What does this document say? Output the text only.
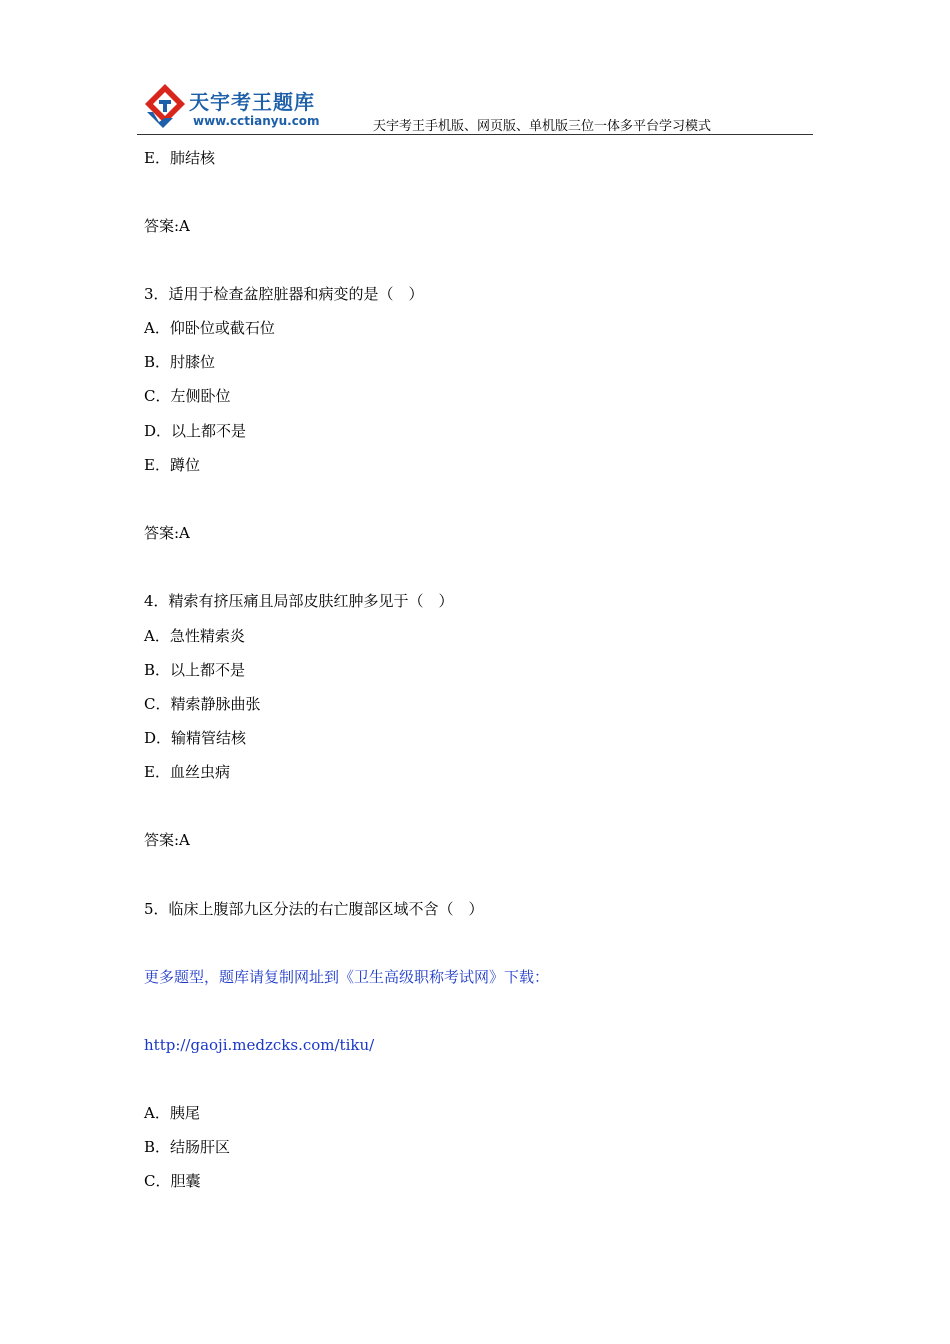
天宇考王题库
www.cctianyu.com	天宇考王手机版、网页版、单机版三位一体多平台学习模式
E．肺结核
答案:A
3．适用于检查盆腔脏器和病变的是（　）
A．仰卧位或截石位
B．肘膝位
C．左侧卧位
D．以上都不是
E．蹲位
答案:A
4．精索有挤压痛且局部皮肤红肿多见于（　）
A．急性精索炎
B．以上都不是
C．精索静脉曲张
D．输精管结核
E．血丝虫病
答案:A
5．临床上腹部九区分法的右亡腹部区域不含（　）
更多题型，题库请复制网址到《卫生高级职称考试网》下载：
http://gaoji.medzcks.com/tiku/
A．胰尾
B．结肠肝区
C．胆囊
